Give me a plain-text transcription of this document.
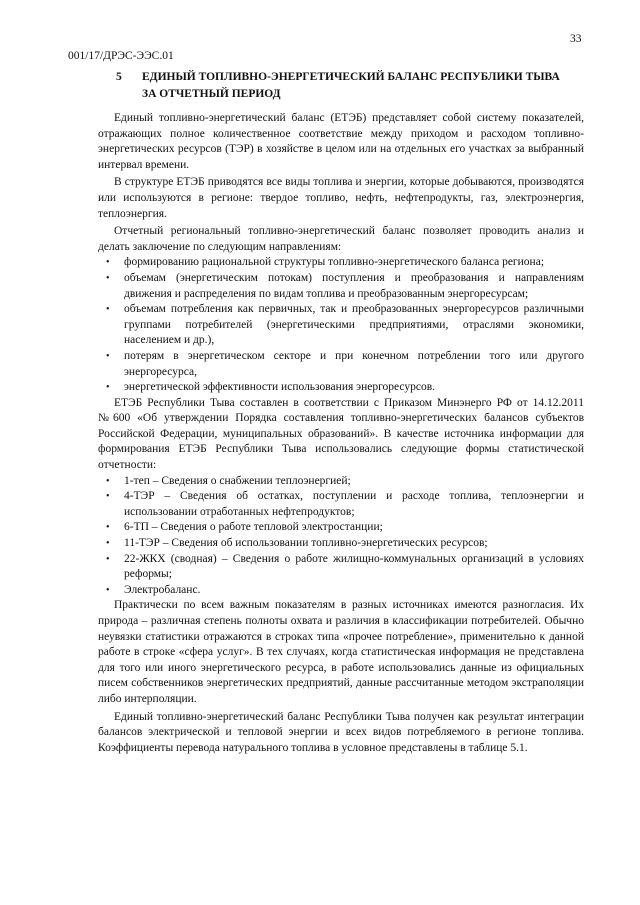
33
001/17/ДРЭС-ЭЭС.01
5 ЕДИНЫЙ ТОПЛИВНО-ЭНЕРГЕТИЧЕСКИЙ БАЛАНС РЕСПУБЛИКИ ТЫВА
ЗА ОТЧЕТНЫЙ ПЕРИОД

Единый топливно-энергетический баланс (ЕТЭБ) представляет собой систему показателей, отражающих полное количественное соответствие между приходом и расходом топливно-энергетических ресурсов (ТЭР) в хозяйстве в целом или на отдельных его участках за выбранный интервал времени.

В структуре ЕТЭБ приводятся все виды топлива и энергии, которые добываются, производятся или используются в регионе: твердое топливо, нефть, нефтепродукты, газ, электроэнергия, теплоэнергия.

Отчетный региональный топливно-энергетический баланс позволяет проводить анализ и делать заключение по следующим направлениям:

• формированию рациональной структуры топливно-энергетического баланса региона;
• объемам (энергетическим потокам) поступления и преобразования и направлениям движения и распределения по видам топлива и преобразованным энергоресурсам;
• объемам потребления как первичных, так и преобразованных энергоресурсов различными группами потребителей (энергетическими предприятиями, отраслями экономики, населением и др.),
• потерям в энергетическом секторе и при конечном потреблении того или другого энергоресурса,
• энергетической эффективности использования энергоресурсов.

ЕТЭБ Республики Тыва составлен в соответствии с Приказом Минэнерго РФ от 14.12.2011 №600 «Об утверждении Порядка составления топливно-энергетических балансов субъектов Российской Федерации, муниципальных образований». В качестве источника информации для формирования ЕТЭБ Республики Тыва использовались следующие формы статистической отчетности:

• 1-теп – Сведения о снабжении теплоэнергией;
• 4-ТЭР – Сведения об остатках, поступлении и расходе топлива, теплоэнергии и использовании отработанных нефтепродуктов;
• 6-ТП – Сведения о работе тепловой электростанции;
• 11-ТЭР – Сведения об использовании топливно-энергетических ресурсов;
• 22-ЖКХ (сводная) – Сведения о работе жилищно-коммунальных организаций в условиях реформы;
• Электробаланс.

Практически по всем важным показателям в разных источниках имеются разногласия. Их природа – различная степень полноты охвата и различия в классификации потребителей. Обычно неувязки статистики отражаются в строках типа «прочее потребление», применительно к данной работе в строке «сфера услуг». В тех случаях, когда статистическая информация не представлена для того или иного энергетического ресурса, в работе использовались данные из официальных писем собственников энергетических предприятий, данные рассчитанные методом экстраполяции либо интерполяции.

Единый топливно-энергетический баланс Республики Тыва получен как результат интеграции балансов электрической и тепловой энергии и всех видов потребляемого в регионе топлива. Коэффициенты перевода натурального топлива в условное представлены в таблице 5.1.
